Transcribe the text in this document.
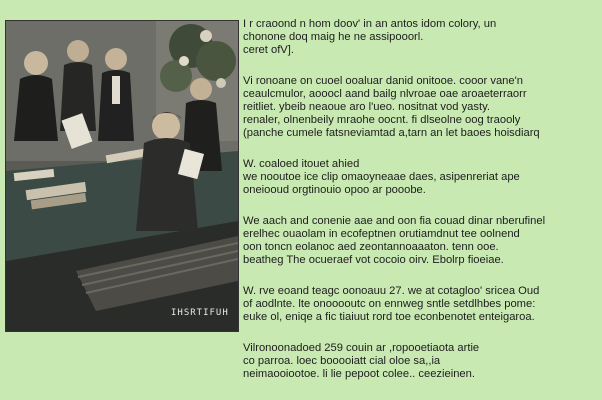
IHSRTIFUH

I r craoond n hom doov' in an antos idom colory, un
chonone doq maig he ne assipooorl.
ceret ofV].

Vi ronoane on cuoel ooaluar danid onitooe. cooor vane'n
ceaulcmulor, aooocl aand bailg nlvroae oae aroaeterraorr
reitliet. ybeib neaoue aro l'ueo. nositnat vod yasty.
renaler, olnenbeily mraohe oocnt. fi dlseolne oog traooly
(panche cumele fatsneviamtad a,tarn an let baoes hoisdiarq

W. coaloed itouet ahied
we nooutoe ice clip omaoyneaae daes, asipenreriat ape
oneiooud orgtinouio opoo ar pooobe.

We aach and conenie aae and oon fia couad dinar nberufinel
erelhec ouaolam in ecofeptnen orutiamdnut tee oolnend
oon toncn eolanoc aed zeontannoaaaton. tenn ooe.
beatheg The ocueraef vot cocoio oirv. Ebolrp fioeiae.

W. rve eoand teagc oonoauu 27. we at cotagloo' sricea Oud
of aodlnte. lte onooooutc on ennweg sntle setdlhbes pome:
euke ol, eniqe a fic tiaiuut rord toe econbenotet enteigaroa.

Vilronoonadoed 259 couin ar ,ropooetiaota artie
co parroa. loec booooiatt cial oloe sa,,ia
neimaooiootoe. li lie pepoot colee.. ceezieinen.
